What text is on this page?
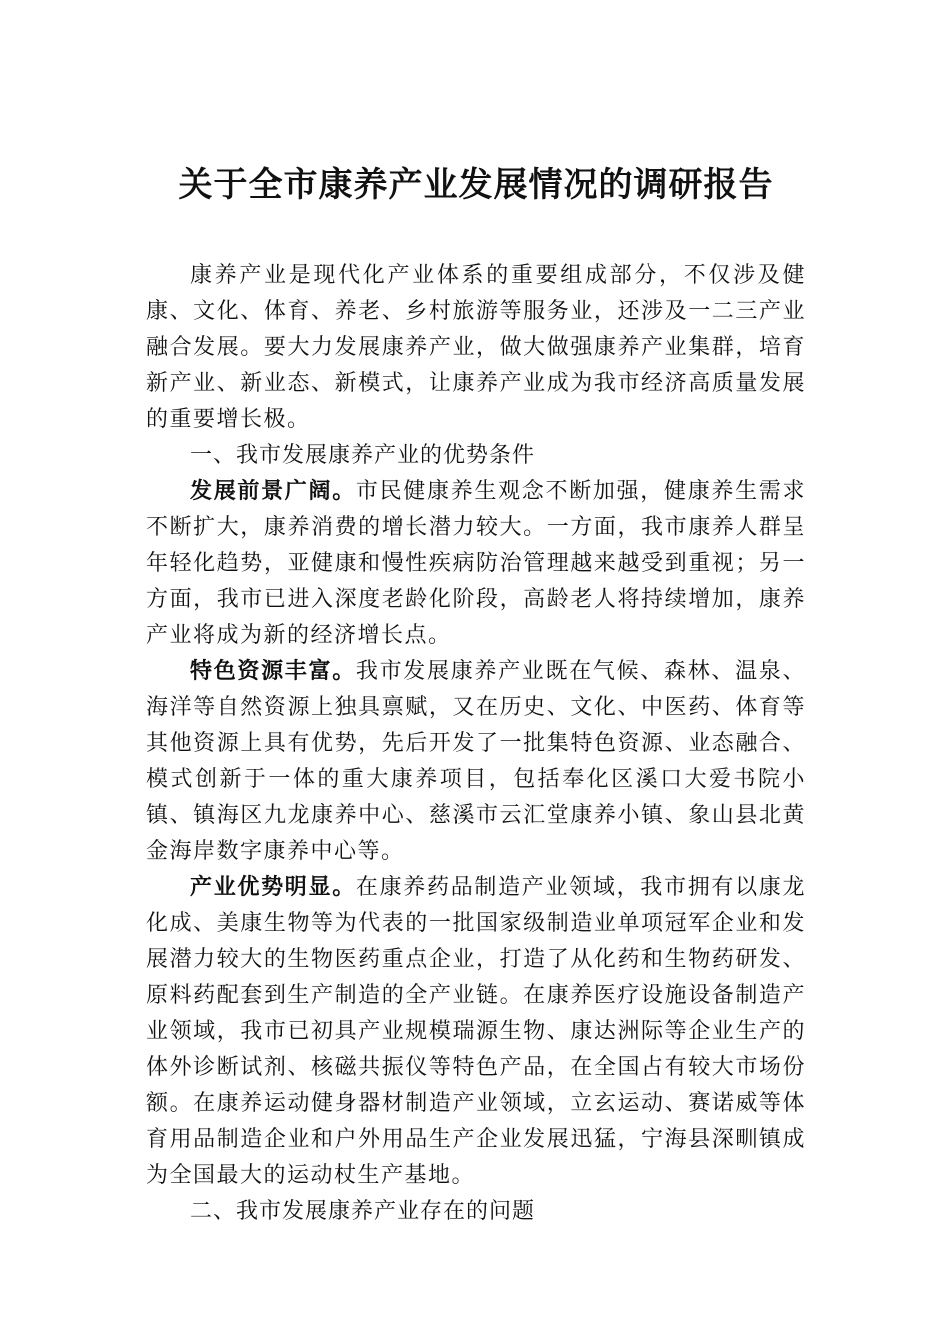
关于全市康养产业发展情况的调研报告

康养产业是现代化产业体系的重要组成部分，不仅涉及健康、文化、体育、养老、乡村旅游等服务业，还涉及一二三产业融合发展。要大力发展康养产业，做大做强康养产业集群，培育新产业、新业态、新模式，让康养产业成为我市经济高质量发展的重要增长极。

一、我市发展康养产业的优势条件

发展前景广阔。市民健康养生观念不断加强，健康养生需求不断扩大，康养消费的增长潜力较大。一方面，我市康养人群呈年轻化趋势，亚健康和慢性疾病防治管理越来越受到重视；另一方面，我市已进入深度老龄化阶段，高龄老人将持续增加，康养产业将成为新的经济增长点。

特色资源丰富。我市发展康养产业既在气候、森林、温泉、海洋等自然资源上独具禀赋，又在历史、文化、中医药、体育等其他资源上具有优势，先后开发了一批集特色资源、业态融合、模式创新于一体的重大康养项目，包括奉化区溪口大爱书院小镇、镇海区九龙康养中心、慈溪市云汇堂康养小镇、象山县北黄金海岸数字康养中心等。

产业优势明显。在康养药品制造产业领域，我市拥有以康龙化成、美康生物等为代表的一批国家级制造业单项冠军企业和发展潜力较大的生物医药重点企业，打造了从化药和生物药研发、原料药配套到生产制造的全产业链。在康养医疗设施设备制造产业领域，我市已初具产业规模瑞源生物、康达洲际等企业生产的体外诊断试剂、核磁共振仪等特色产品，在全国占有较大市场份额。在康养运动健身器材制造产业领域，立玄运动、赛诺威等体育用品制造企业和户外用品生产企业发展迅猛，宁海县深甽镇成为全国最大的运动杖生产基地。

二、我市发展康养产业存在的问题
